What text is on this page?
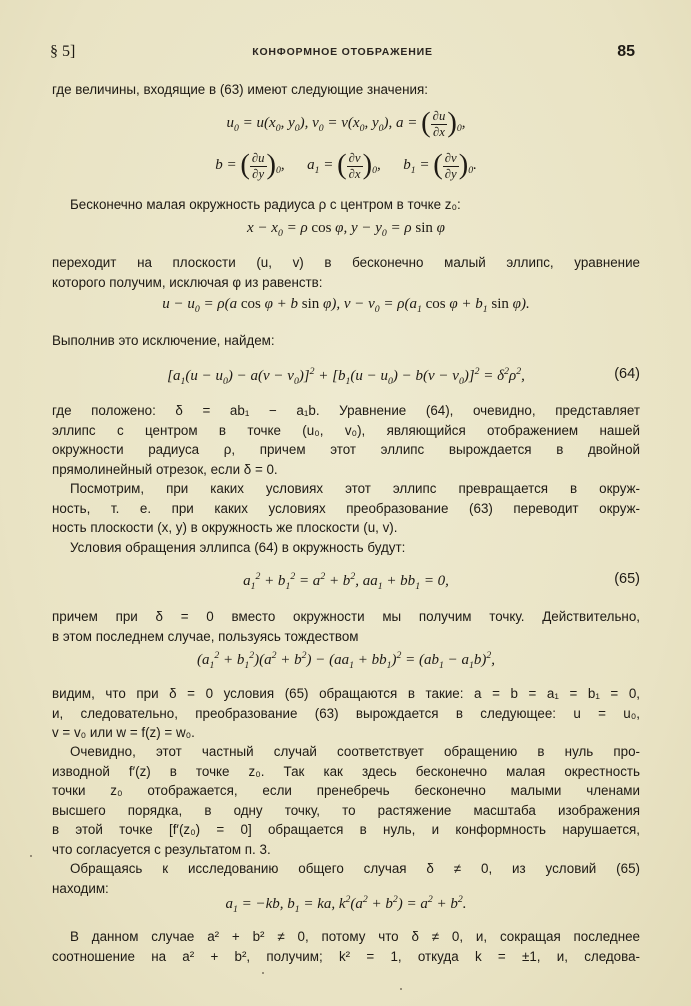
§ 5]	КОНФОРМНОЕ ОТОБРАЖЕНИЕ	85
где величины, входящие в (63) имеют следующие значения:
$u_0 = u(x_0$, $y_0$), $v_0 = v(x_0$, $y_0$), a = ( $\frac{\partial u}{\partial x} )_0$,
b = ( $\frac{\partial u}{\partial y} )_0$,      $a_1$ = ( $\frac{\partial v}{\partial x} )_0$,      $b_1$ = ( $\frac{\partial v}{\partial y} )_0$.
Бесконечно малая окружность радиуса ρ с центром в точке z₀:
$x - x_0 = \rho$ cos φ, $y - y_0 = \rho$ sin φ
переходит на плоскости (u, v) в бесконечно малый эллипс, уравнение
которого получим, исключая φ из равенств:
$u - u_0 = \rho(a$ cos φ + b sin φ), $v - v_0 = \rho(a_1$ $\cos \varphi + b_1$ sin φ).
Выполнив это исключение, найдем:
$[a_1(u - u_0) - a(v - v_0)]^2 + [b_1(u - u_0) - b(v - v_0)]^2 = \delta^2\rho^2$,	(64)
где положено: δ = ab₁ − a₁b. Уравнение (64), очевидно, представляет
эллипс с центром в точке (u₀, v₀), являющийся отображением нашей
окружности радиуса ρ, причем этот эллипс вырождается в двойной
прямолинейный отрезок, если δ = 0.
Посмотрим, при каких условиях этот эллипс превращается в окруж-
ность, т. е. при каких условиях преобразование (63) переводит окруж-
ность плоскости (x, y) в окружность же плоскости (u, v).
Условия обращения эллипса (64) в окружность будут:
$a_1^2 + b_1^2 = a^2 + b^2$, $aa_1 + bb_1 = 0$,	(65)
причем при δ = 0 вместо окружности мы получим точку. Действительно,
в этом последнем случае, пользуясь тождеством
$(a_1^2 + b_1^2)(a^2 + b^2) - (aa_1 + bb_1)^2 = (ab_1 - a_1b)^2$,
видим, что при δ = 0 условия (65) обращаются в такие: a = b = a₁ = b₁ = 0,
и, следовательно, преобразование (63) вырождается в следующее: u = u₀,
v = v₀ или w = f(z) = w₀.
Очевидно, этот частный случай соответствует обращению в нуль про-
изводной f′(z) в точке z₀. Так как здесь бесконечно малая окрестность
точки z₀ отображается, если пренебречь бесконечно малыми членами
высшего порядка, в одну точку, то растяжение масштаба изображения
в этой точке [f′(z₀) = 0] обращается в нуль, и конформность нарушается,
что согласуется с результатом п. 3.
Обращаясь к исследованию общего случая δ ≠ 0, из условий (65)
находим:
$a_1 = -kb$, $b_1$ = ka, $k^2(a^2 + b^2) = a^2 + b^2$.
В данном случае a² + b² ≠ 0, потому что δ ≠ 0, и, сокращая последнее
соотношение на a² + b², получим; k² = 1, откуда k = ±1, и, следова-
